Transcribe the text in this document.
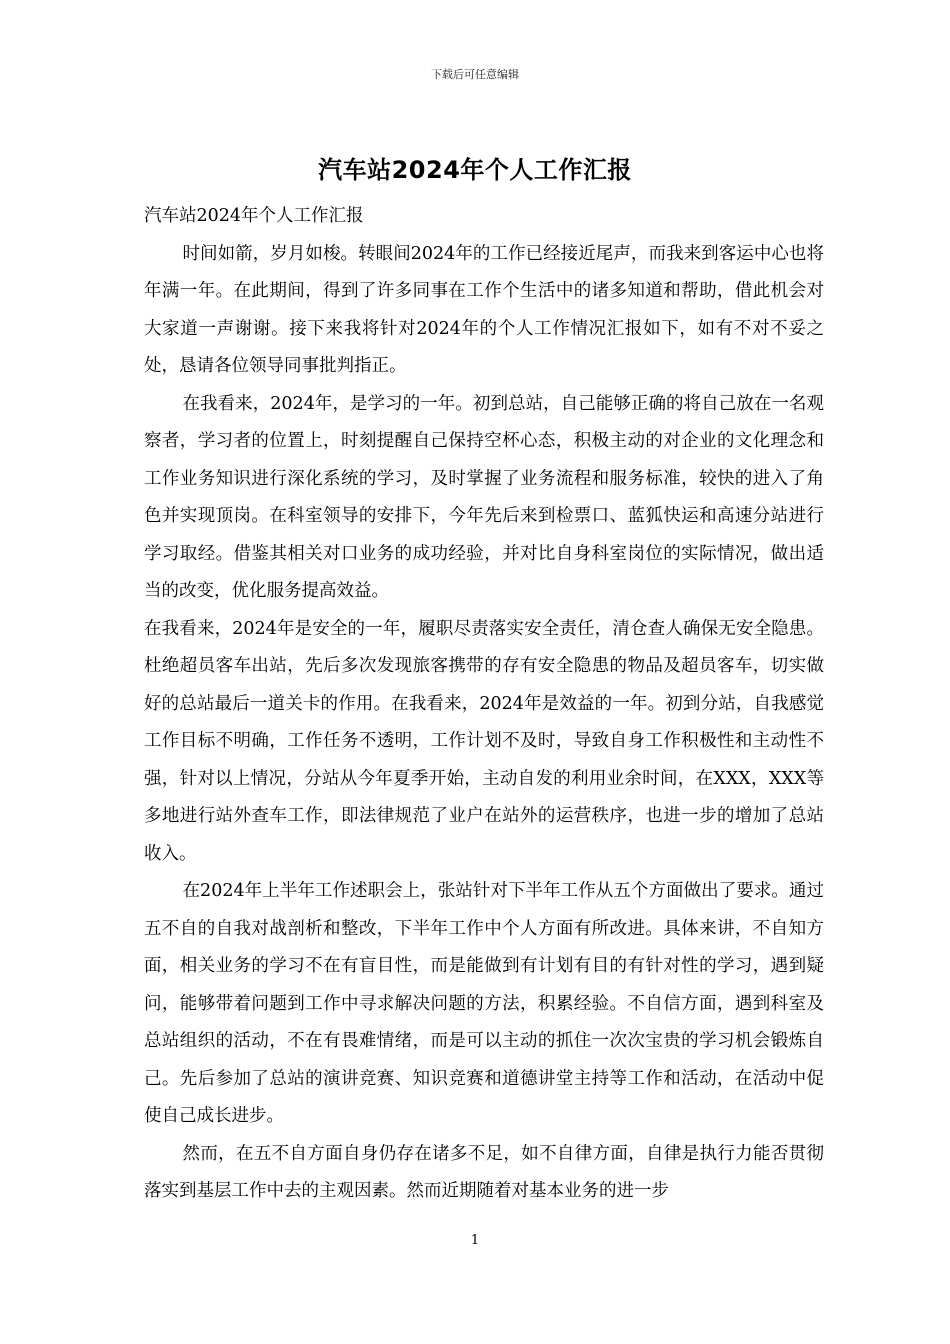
下载后可任意编辑
汽车站2024年个人工作汇报

汽车站2024年个人工作汇报

时间如箭，岁月如梭。转眼间2024年的工作已经接近尾声，而我来到客运中心也将年满一年。在此期间，得到了许多同事在工作个生活中的诸多知道和帮助，借此机会对大家道一声谢谢。接下来我将针对2024年的个人工作情况汇报如下，如有不对不妥之处，恳请各位领导同事批判指正。

在我看来，2024年，是学习的一年。初到总站，自己能够正确的将自己放在一名观察者，学习者的位置上，时刻提醒自己保持空杯心态，积极主动的对企业的文化理念和工作业务知识进行深化系统的学习，及时掌握了业务流程和服务标准，较快的进入了角色并实现顶岗。在科室领导的安排下，今年先后来到检票口、蓝狐快运和高速分站进行学习取经。借鉴其相关对口业务的成功经验，并对比自身科室岗位的实际情况，做出适当的改变，优化服务提高效益。

在我看来，2024年是安全的一年，履职尽责落实安全责任，清仓查人确保无安全隐患。杜绝超员客车出站，先后多次发现旅客携带的存有安全隐患的物品及超员客车，切实做好的总站最后一道关卡的作用。在我看来，2024年是效益的一年。初到分站，自我感觉工作目标不明确，工作任务不透明，工作计划不及时，导致自身工作积极性和主动性不强，针对以上情况，分站从今年夏季开始，主动自发的利用业余时间，在XXX，XXX等多地进行站外查车工作，即法律规范了业户在站外的运营秩序，也进一步的增加了总站收入。

在2024年上半年工作述职会上，张站针对下半年工作从五个方面做出了要求。通过五不自的自我对战剖析和整改，下半年工作中个人方面有所改进。具体来讲，不自知方面，相关业务的学习不在有盲目性，而是能做到有计划有目的有针对性的学习，遇到疑问，能够带着问题到工作中寻求解决问题的方法，积累经验。不自信方面，遇到科室及总站组织的活动，不在有畏难情绪，而是可以主动的抓住一次次宝贵的学习机会锻炼自己。先后参加了总站的演讲竞赛、知识竞赛和道德讲堂主持等工作和活动，在活动中促使自己成长进步。

然而，在五不自方面自身仍存在诸多不足，如不自律方面，自律是执行力能否贯彻落实到基层工作中去的主观因素。然而近期随着对基本业务的进一步

1
